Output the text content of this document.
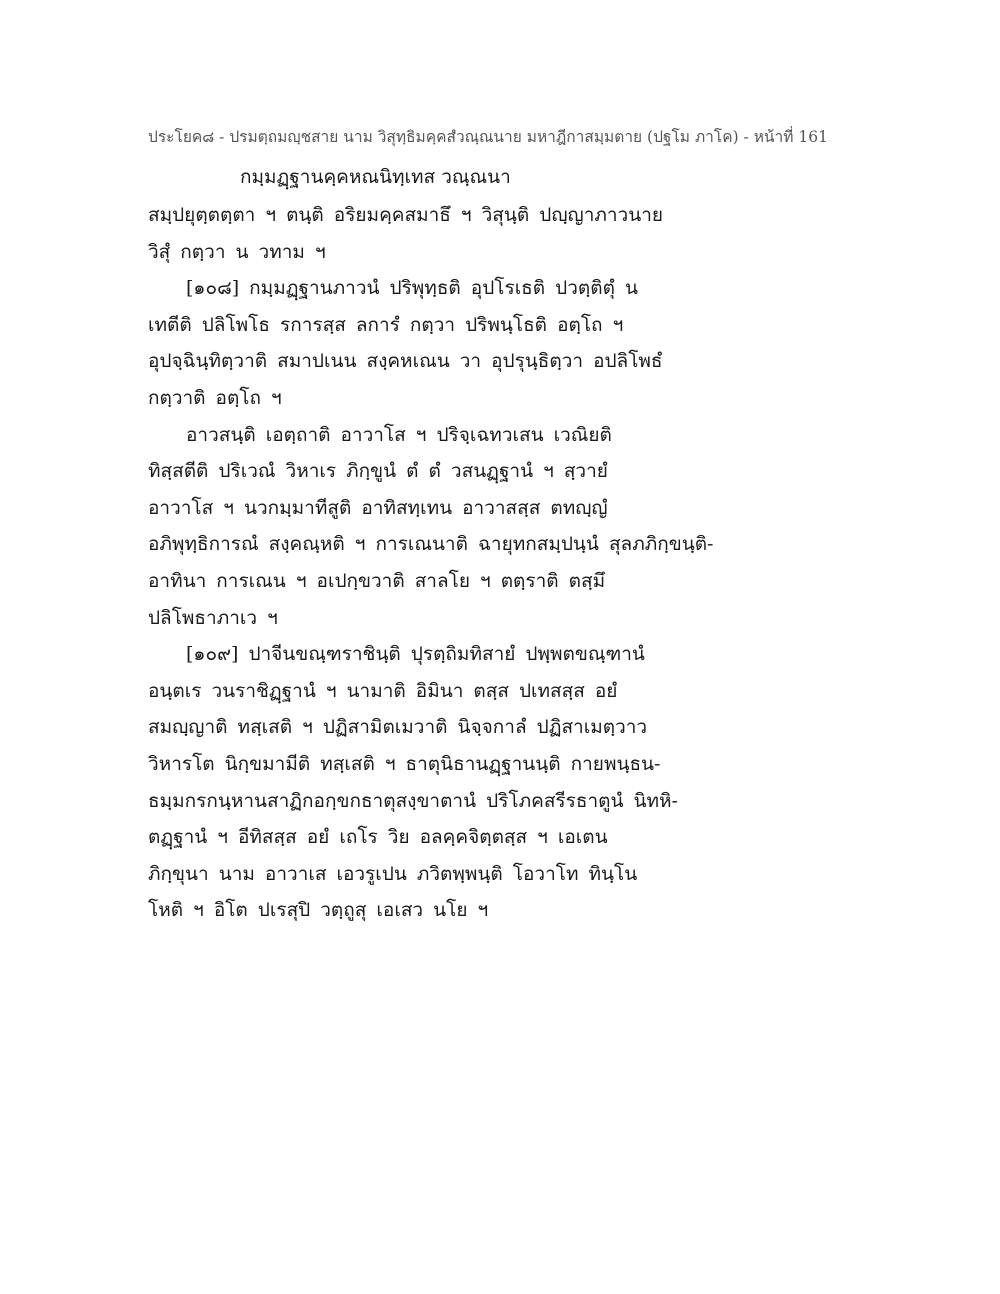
ประโยค๘ - ปรมตฺถมญฺชสาย นาม วิสุทฺธิมคฺคสํวณฺณนาย มหาฎีกาสมฺมตาย (ปฐโม ภาโค) - หน้าที่ 161
กมฺมฏฺฐานคฺคหณนิทฺเทส วณฺณนา
สมฺปยุตฺตตฺตา ฯ ตนฺติ อริยมคฺคสมาธึ ฯ วิสุนฺติ ปญฺญาภาวนาย
วิสุํ กตฺวา น วทาม ฯ
[๑๐๘] กมฺมฏฺฐานภาวนํ ปริพุทฺธติ อุปโรเธติ ปวตฺติตุํ น
เทตีติ ปลิโพโธ รการสฺส ลการํ กตฺวา ปริพนฺโธติ อตฺโถ ฯ
อุปจฺฉินฺทิตฺวาติ สมาปเนน สงฺคหเณน วา อุปรุนฺธิตฺวา อปลิโพธํ
กตฺวาติ อตฺโถ ฯ
อาวสนฺติ เอตฺถาติ อาวาโส ฯ ปริจฺเฉทวเสน เวณิยติ
ทิสฺสตีติ ปริเวณํ วิหาเร ภิกฺขูนํ ตํ ตํ วสนฏฺฐานํ ฯ สฺวายํ
อาวาโส ฯ นวกมฺมาทีสูติ อาทิสทฺเทน อาวาสสฺส ตทญฺญํ
อภิพุทฺธิการณํ สงฺคณฺหติ ฯ การเณนาติ ฉายุทกสมฺปนฺนํ สุลภภิกฺขนฺติ-
อาทินา การเณน ฯ อเปกฺขวาติ สาลโย ฯ ตตฺราติ ตสฺมึ
ปลิโพธาภาเว ฯ
[๑๐๙] ปาจีนขณฺฑราชินฺติ ปุรตฺถิมทิสายํ ปพฺพตขณฺฑานํ
อนฺตเร วนราชิฏฺฐานํ ฯ นามาติ อิมินา ตสฺส ปเทสสฺส อยํ
สมญฺญาติ ทสฺเสติ ฯ ปฏิสามิตเมวาติ นิจฺจกาลํ ปฏิสาเมตฺวาว
วิหารโต นิกฺขมามีติ ทสฺเสติ ฯ ธาตุนิธานฏฺฐานนฺติ กายพนฺธน-
ธมฺมกรกนฺหานสาฏิกอกฺขกธาตุสงฺขาตานํ ปริโภคสรีรธาตูนํ นิทหิ-
ตฏฺฐานํ ฯ อีทิสสฺส อยํ เถโร วิย อลคฺคจิตฺตสฺส ฯ เอเตน
ภิกฺขุนา นาม อาวาเส เอวรูเปน ภวิตพฺพนฺติ โอวาโท ทินฺโน
โหติ ฯ อิโต ปเรสุปิ วตฺถูสุ เอเสว นโย ฯ
